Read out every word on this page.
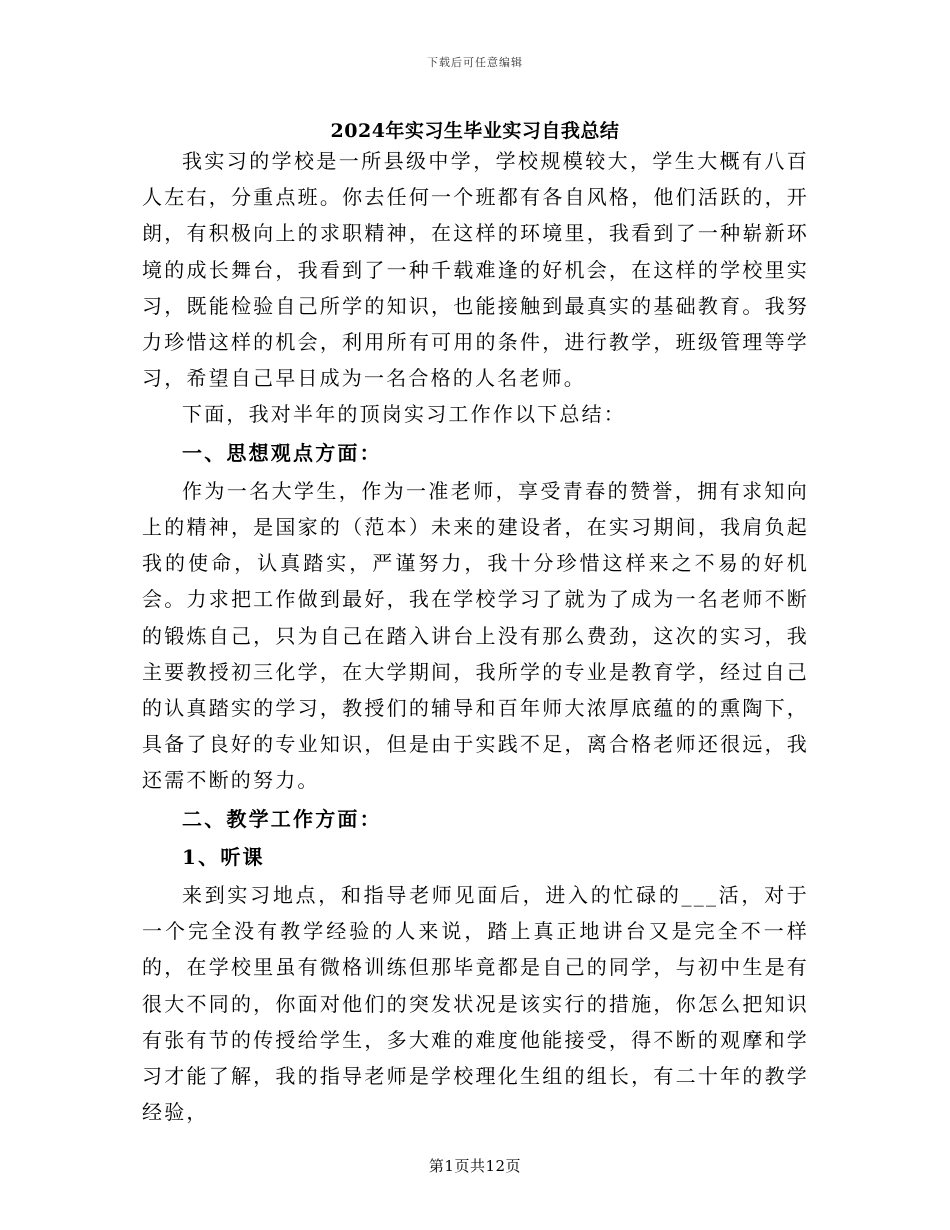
下载后可任意编辑
2024年实习生毕业实习自我总结

我实习的学校是一所县级中学，学校规模较大，学生大概有八百人左右，分重点班。你去任何一个班都有各自风格，他们活跃的，开朗，有积极向上的求职精神，在这样的环境里，我看到了一种崭新环境的成长舞台，我看到了一种千载难逢的好机会，在这样的学校里实习，既能检验自己所学的知识，也能接触到最真实的基础教育。我努力珍惜这样的机会，利用所有可用的条件，进行教学，班级管理等学习，希望自己早日成为一名合格的人名老师。

下面，我对半年的顶岗实习工作作以下总结：

一、思想观点方面：

作为一名大学生，作为一准老师，享受青春的赞誉，拥有求知向上的精神，是国家的（范本）未来的建设者，在实习期间，我肩负起我的使命，认真踏实，严谨努力，我十分珍惜这样来之不易的好机会。力求把工作做到最好，我在学校学习了就为了成为一名老师不断的锻炼自己，只为自己在踏入讲台上没有那么费劲，这次的实习，我主要教授初三化学，在大学期间，我所学的专业是教育学，经过自己的认真踏实的学习，教授们的辅导和百年师大浓厚底蕴的的熏陶下，具备了良好的专业知识，但是由于实践不足，离合格老师还很远，我还需不断的努力。

二、教学工作方面：

1、听课

来到实习地点，和指导老师见面后，进入的忙碌的___活，对于一个完全没有教学经验的人来说，踏上真正地讲台又是完全不一样的，在学校里虽有微格训练但那毕竟都是自己的同学，与初中生是有很大不同的，你面对他们的突发状况是该实行的措施，你怎么把知识有张有节的传授给学生，多大难的难度他能接受，得不断的观摩和学习才能了解，我的指导老师是学校理化生组的组长，有二十年的教学经验，

第1页共12页
